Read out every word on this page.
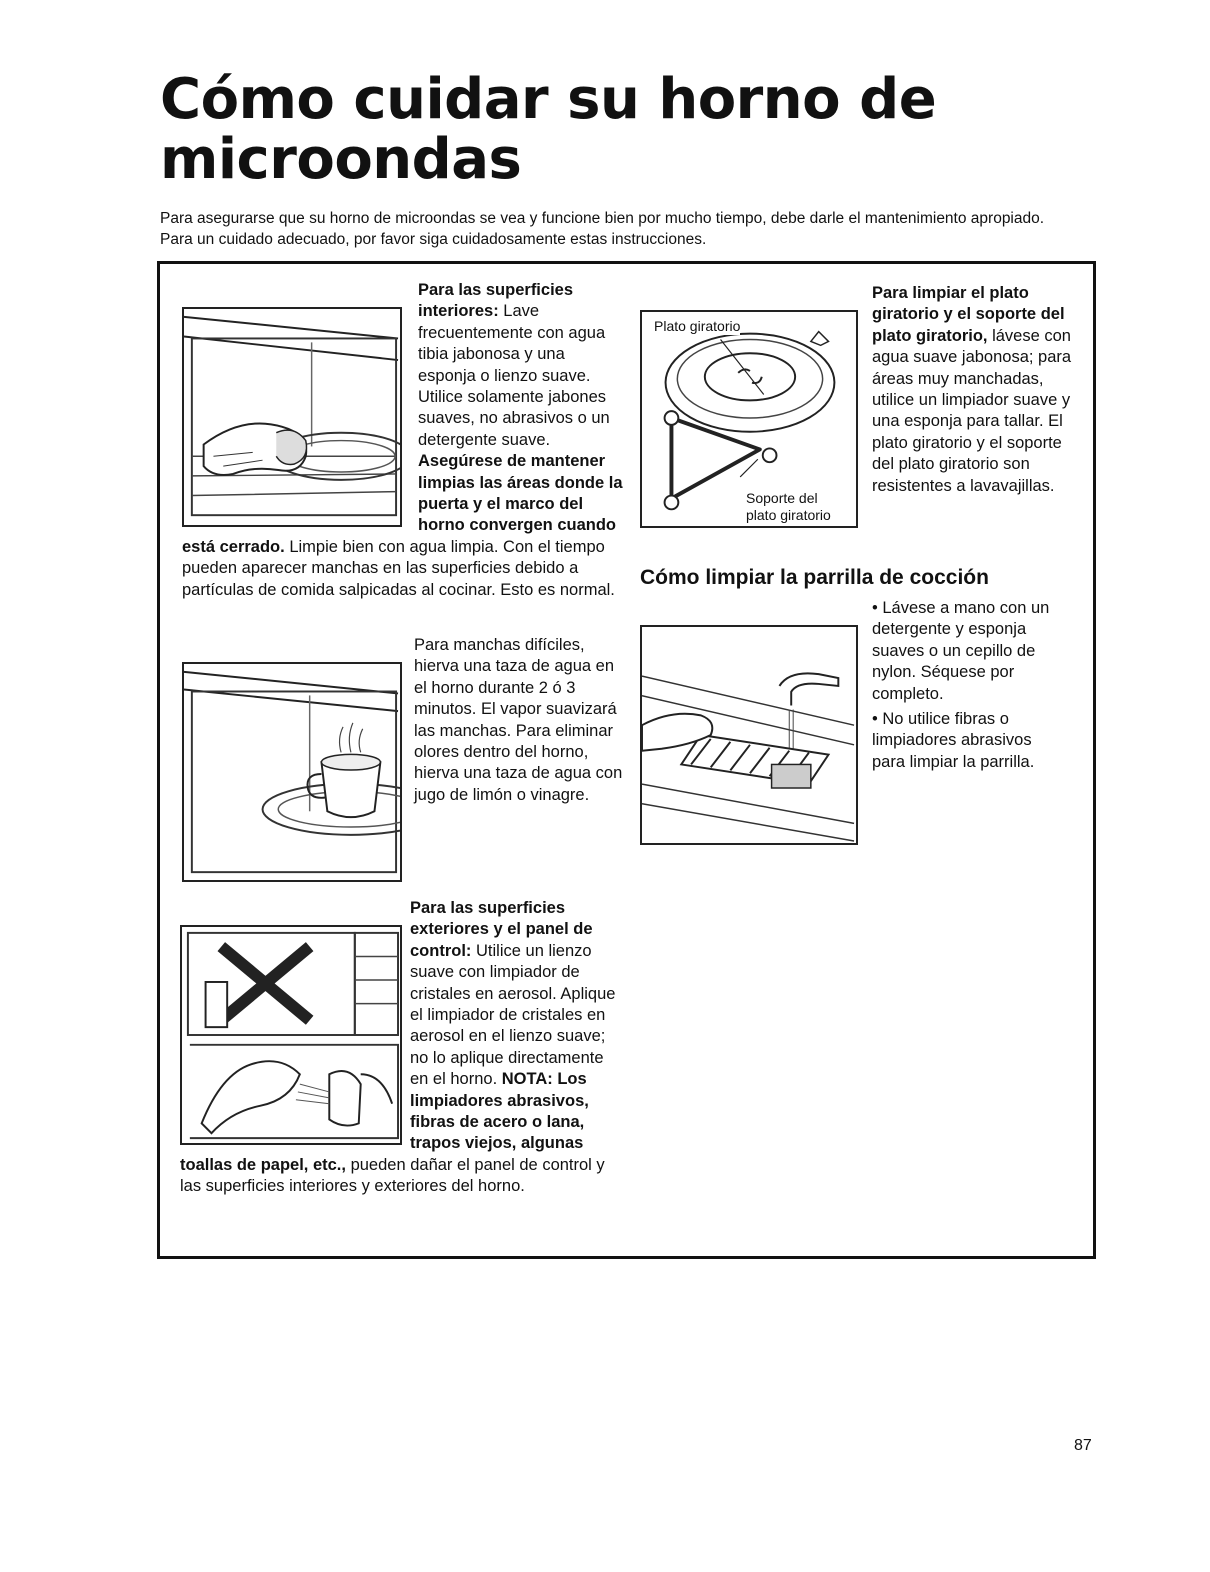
Cómo cuidar su horno de microondas

Para asegurarse que su horno de microondas se vea y funcione bien por mucho tiempo, debe darle el mantenimiento apropiado. Para un cuidado adecuado, por favor siga cuidadosamente estas instrucciones.

Para las superficies interiores: Lave frecuentemente con agua tibia jabonosa y una esponja o lienzo suave. Utilice solamente jabones suaves, no abrasivos o un detergente suave. Asegúrese de mantener limpias las áreas donde la puerta y el marco del horno convergen cuando está cerrado. Limpie bien con agua limpia. Con el tiempo pueden aparecer manchas en las superficies debido a partículas de comida salpicadas al cocinar. Esto es normal.
Para manchas difíciles, hierva una taza de agua en el horno durante 2 ó 3 minutos. El vapor suavizará las manchas. Para eliminar olores dentro del horno, hierva una taza de agua con jugo de limón o vinagre.
Para las superficies exteriores y el panel de control: Utilice un lienzo suave con limpiador de cristales en aerosol. Aplique el limpiador de cristales en aerosol en el lienzo suave; no lo aplique directamente en el horno. NOTA: Los limpiadores abrasivos, fibras de acero o lana, trapos viejos, algunas toallas de papel, etc., pueden dañar el panel de control y las superficies interiores y exteriores del horno.
Plato giratorio
Soporte del
plato giratorio
Para limpiar el plato giratorio y el soporte del plato giratorio, lávese con agua suave jabonosa; para áreas muy manchadas, utilice un limpiador suave y una esponja para tallar. El plato giratorio y el soporte del plato giratorio son resistentes a lavavajillas.
Cómo limpiar la parrilla de cocción
• Lávese a mano con un detergente y esponja suaves o un cepillo de nylon. Séquese por completo.
• No utilice fibras o limpiadores abrasivos para limpiar la parrilla.
87
